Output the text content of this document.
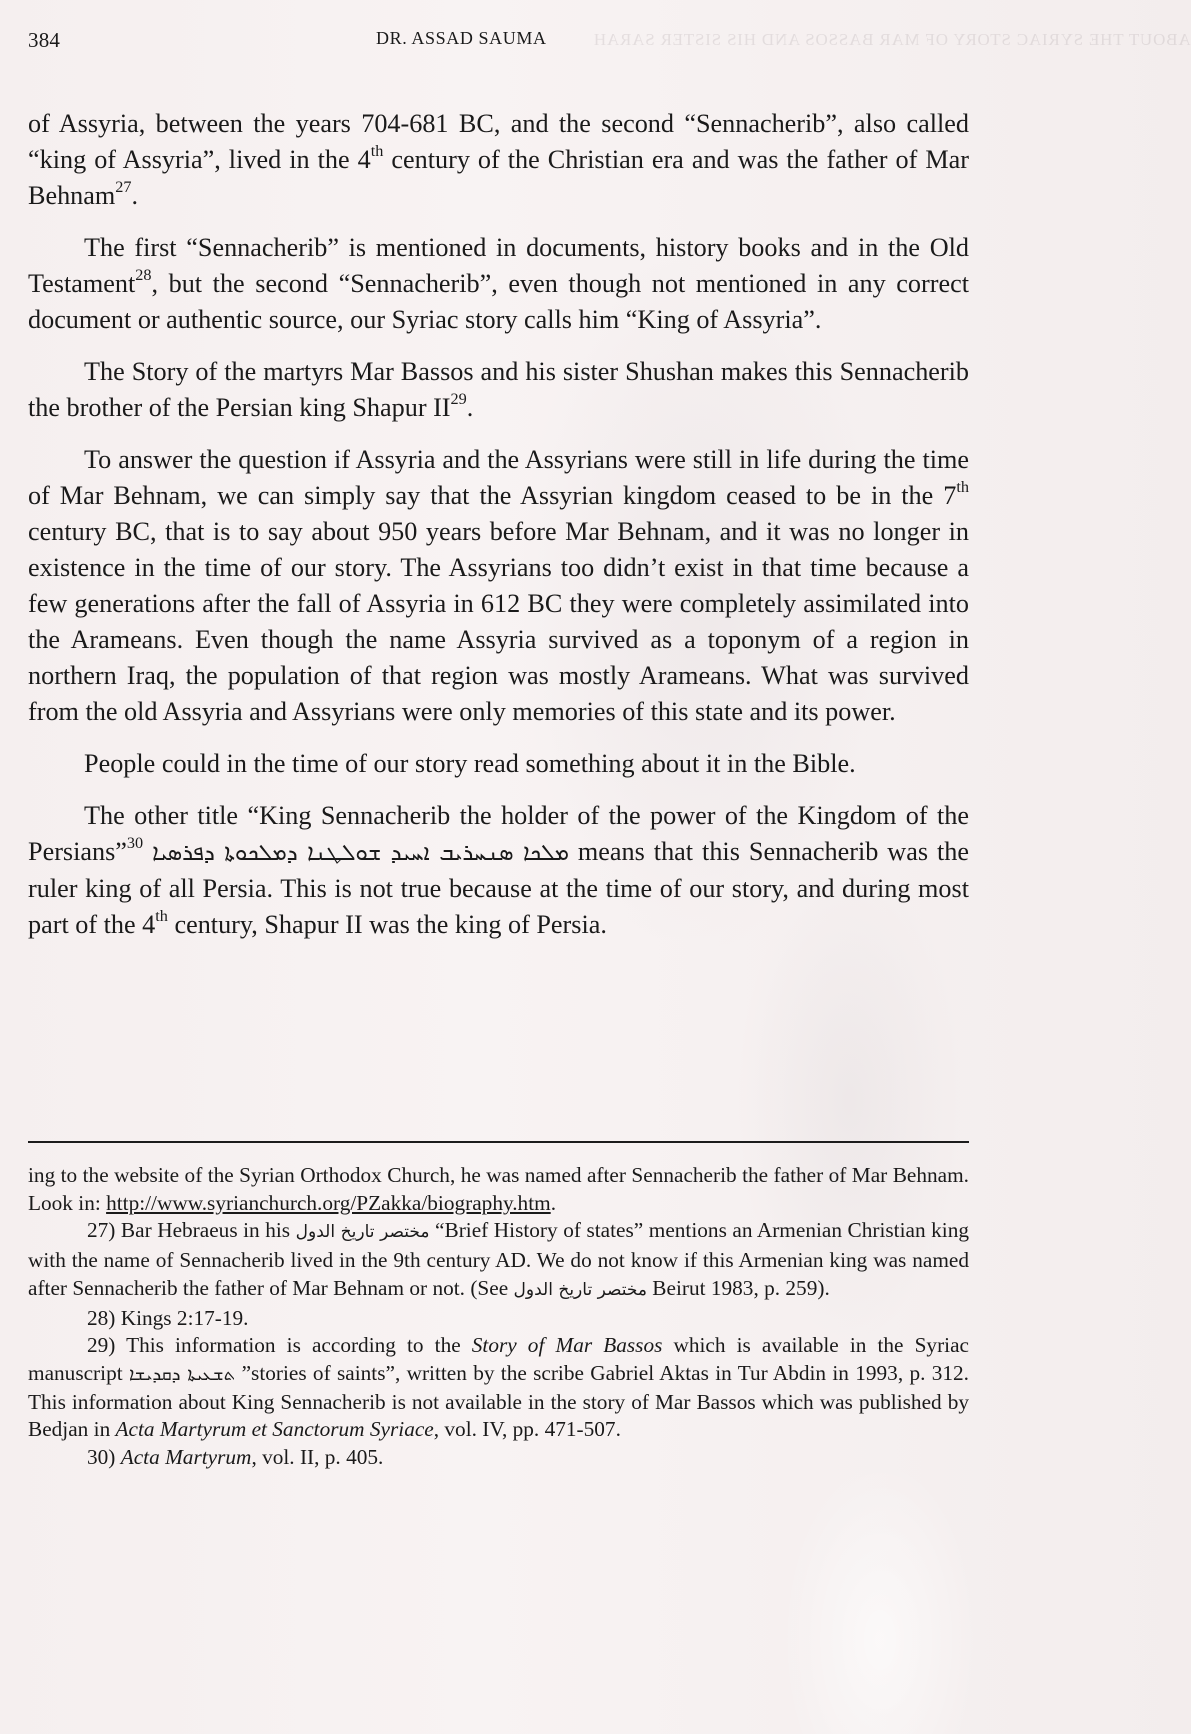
384	DR. ASSAD SAUMA	ABOUT THE SYRIAC STORY OF MAR BASSOS AND HIS SISTER SARAH

of Assyria, between the years 704-681 BC, and the second “Sennacherib”, also called “king of Assyria”, lived in the 4th century of the Christian era and was the father of Mar Behnam$^{27}$.

The first “Sennacherib” is mentioned in documents, history books and in the Old Testament$^{28}$, but the second “Sennacherib”, even though not mentioned in any correct document or authentic source, our Syriac story calls him “King of Assyria”.

The Story of the martyrs Mar Bassos and his sister Shushan makes this Sennacherib the brother of the Persian king Shapur II$^{29}$.

To answer the question if Assyria and the Assyrians were still in life during the time of Mar Behnam, we can simply say that the Assyrian kingdom ceased to be in the 7th century BC, that is to say about 950 years before Mar Behnam, and it was no longer in existence in the time of our story. The Assyrians too didn’t exist in that time because a few generations after the fall of Assyria in 612 BC they were completely assimilated into the Arameans. Even though the name Assyria survived as a toponym of a region in northern Iraq, the population of that region was mostly Arameans. What was survived from the old Assyria and Assyrians were only memories of this state and its power.

People could in the time of our story read something about it in the Bible.

The other title “King Sennacherib the holder of the power of the Kingdom of the Persians”$^{30}$ ܡܠܟܐ ܣܢܚܪܝܒ ܐܚܝܕ ܫܘܠܛܢܐ ܕܡܠܟܘܬܐ ܕܦܪܣܝܐ means that this Sennacherib was the ruler king of all Persia. This is not true because at the time of our story, and during most part of the 4th century, Shapur II was the king of Persia.

ing to the website of the Syrian Orthodox Church, he was named after Sennacherib the father of Mar Behnam. Look in: http://www.syrianchurch.org/PZakka/biography.htm.

27) Bar Hebraeus in his مختصر تاريخ الدول “Brief History of states” mentions an Armenian Christian king with the name of Sennacherib lived in the 9th century AD. We do not know if this Armenian king was named after Sennacherib the father of Mar Behnam or not. (See مختصر تاريخ الدول Beirut 1983, p. 259).

28) Kings 2:17-19.

29) This information is according to the Story of Mar Bassos which is available in the Syriac manuscript ܬܫܥܝܬܐ ܕܩܕܝܫܐ ”stories of saints”, written by the scribe Gabriel Aktas in Tur Abdin in 1993, p. 312. This information about King Sennacherib is not available in the story of Mar Bassos which was published by Bedjan in Acta Martyrum et Sanctorum Syriace, vol. IV, pp. 471-507.

30) Acta Martyrum, vol. II, p. 405.
